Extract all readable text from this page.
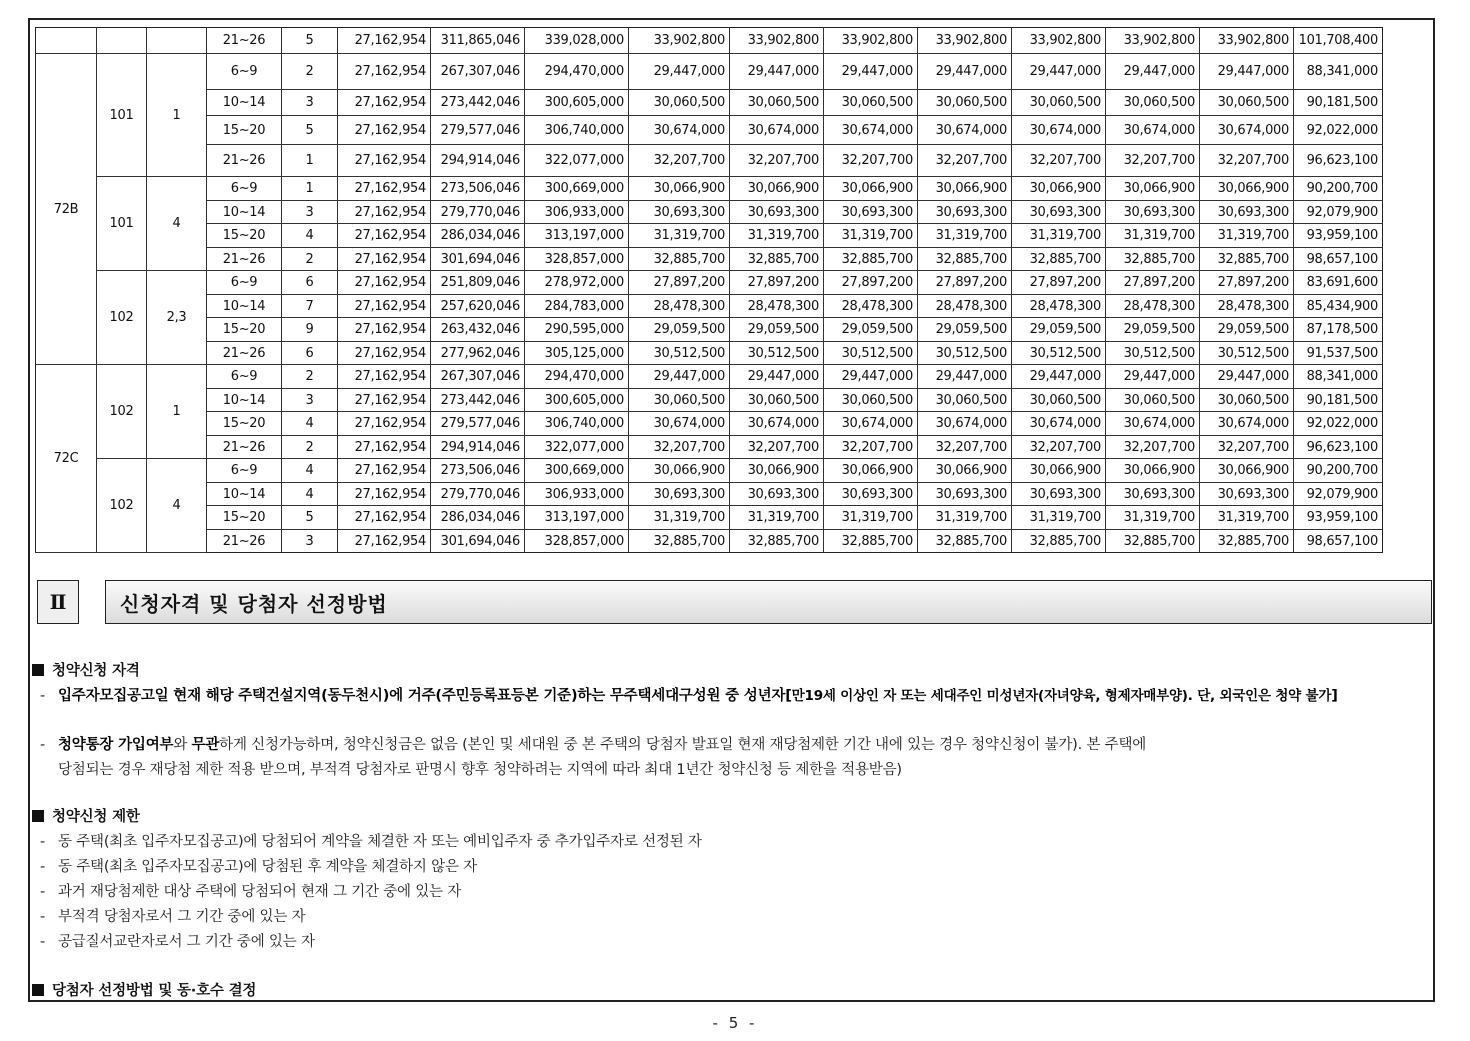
			21~26	5	27,162,954	311,865,046	339,028,000	33,902,800	33,902,800	33,902,800	33,902,800	33,902,800	33,902,800	33,902,800	101,708,400
72B	101	1	6~9	2	27,162,954	267,307,046	294,470,000	29,447,000	29,447,000	29,447,000	29,447,000	29,447,000	29,447,000	29,447,000	88,341,000
			10~14	3	27,162,954	273,442,046	300,605,000	30,060,500	30,060,500	30,060,500	30,060,500	30,060,500	30,060,500	30,060,500	90,181,500
			15~20	5	27,162,954	279,577,046	306,740,000	30,674,000	30,674,000	30,674,000	30,674,000	30,674,000	30,674,000	30,674,000	92,022,000
			21~26	1	27,162,954	294,914,046	322,077,000	32,207,700	32,207,700	32,207,700	32,207,700	32,207,700	32,207,700	32,207,700	96,623,100
	101	4	6~9	1	27,162,954	273,506,046	300,669,000	30,066,900	30,066,900	30,066,900	30,066,900	30,066,900	30,066,900	30,066,900	90,200,700
			10~14	3	27,162,954	279,770,046	306,933,000	30,693,300	30,693,300	30,693,300	30,693,300	30,693,300	30,693,300	30,693,300	92,079,900
			15~20	4	27,162,954	286,034,046	313,197,000	31,319,700	31,319,700	31,319,700	31,319,700	31,319,700	31,319,700	31,319,700	93,959,100
			21~26	2	27,162,954	301,694,046	328,857,000	32,885,700	32,885,700	32,885,700	32,885,700	32,885,700	32,885,700	32,885,700	98,657,100
	102	2,3	6~9	6	27,162,954	251,809,046	278,972,000	27,897,200	27,897,200	27,897,200	27,897,200	27,897,200	27,897,200	27,897,200	83,691,600
			10~14	7	27,162,954	257,620,046	284,783,000	28,478,300	28,478,300	28,478,300	28,478,300	28,478,300	28,478,300	28,478,300	85,434,900
			15~20	9	27,162,954	263,432,046	290,595,000	29,059,500	29,059,500	29,059,500	29,059,500	29,059,500	29,059,500	29,059,500	87,178,500
			21~26	6	27,162,954	277,962,046	305,125,000	30,512,500	30,512,500	30,512,500	30,512,500	30,512,500	30,512,500	30,512,500	91,537,500
72C	102	1	6~9	2	27,162,954	267,307,046	294,470,000	29,447,000	29,447,000	29,447,000	29,447,000	29,447,000	29,447,000	29,447,000	88,341,000
			10~14	3	27,162,954	273,442,046	300,605,000	30,060,500	30,060,500	30,060,500	30,060,500	30,060,500	30,060,500	30,060,500	90,181,500
			15~20	4	27,162,954	279,577,046	306,740,000	30,674,000	30,674,000	30,674,000	30,674,000	30,674,000	30,674,000	30,674,000	92,022,000
			21~26	2	27,162,954	294,914,046	322,077,000	32,207,700	32,207,700	32,207,700	32,207,700	32,207,700	32,207,700	32,207,700	96,623,100
	102	4	6~9	4	27,162,954	273,506,046	300,669,000	30,066,900	30,066,900	30,066,900	30,066,900	30,066,900	30,066,900	30,066,900	90,200,700
			10~14	4	27,162,954	279,770,046	306,933,000	30,693,300	30,693,300	30,693,300	30,693,300	30,693,300	30,693,300	30,693,300	92,079,900
			15~20	5	27,162,954	286,034,046	313,197,000	31,319,700	31,319,700	31,319,700	31,319,700	31,319,700	31,319,700	31,319,700	93,959,100
			21~26	3	27,162,954	301,694,046	328,857,000	32,885,700	32,885,700	32,885,700	32,885,700	32,885,700	32,885,700	32,885,700	98,657,100
Ⅱ	신청자격 및 당첨자 선정방법
청약신청 자격
- 입주자모집공고일 현재 해당 주택건설지역(동두천시)에 거주(주민등록표등본 기준)하는 무주택세대구성원 중 성년자[만19세 이상인 자 또는 세대주인 미성년자(자녀양육, 형제자매부양). 단, 외국인은 청약 불가]
- 청약통장 가입여부와 무관하게 신청가능하며, 청약신청금은 없음 (본인 및 세대원 중 본 주택의 당첨자 발표일 현재 재당첨제한 기간 내에 있는 경우 청약신청이 불가). 본 주택에
당첨되는 경우 재당첨 제한 적용 받으며, 부적격 당첨자로 판명시 향후 청약하려는 지역에 따라 최대 1년간 청약신청 등 제한을 적용받음)
청약신청 제한
- 동 주택(최초 입주자모집공고)에 당첨되어 계약을 체결한 자 또는 예비입주자 중 추가입주자로 선정된 자
- 동 주택(최초 입주자모집공고)에 당첨된 후 계약을 체결하지 않은 자
- 과거 재당첨제한 대상 주택에 당첨되어 현재 그 기간 중에 있는 자
- 부적격 당첨자로서 그 기간 중에 있는 자
- 공급질서교란자로서 그 기간 중에 있는 자
당첨자 선정방법 및 동·호수 결정
- 5 -
